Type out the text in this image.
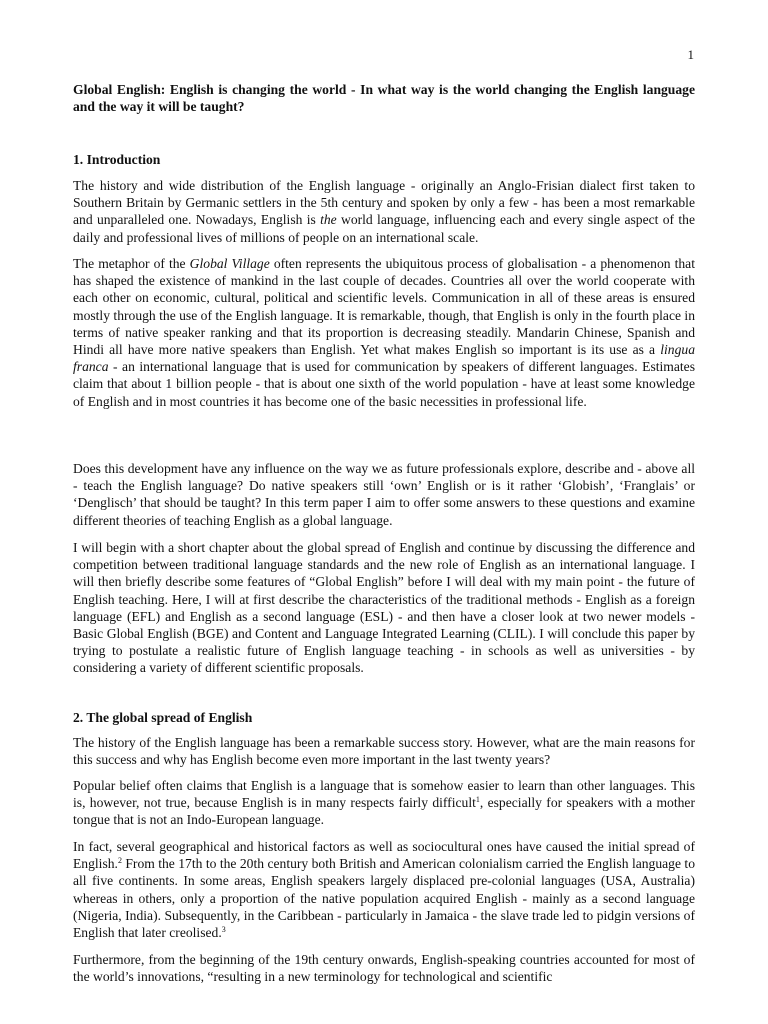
1
Global English: English is changing the world - In what way is the world changing the English language and the way it will be taught?
1. Introduction

The history and wide distribution of the English language - originally an Anglo-Frisian dialect first taken to Southern Britain by Germanic settlers in the 5th century and spoken by only a few - has been a most remarkable and unparalleled one. Nowadays, English is the world language, influencing each and every single aspect of the daily and professional lives of millions of people on an international scale.

The metaphor of the Global Village often represents the ubiquitous process of globalisation - a phenomenon that has shaped the existence of mankind in the last couple of decades. Countries all over the world cooperate with each other on economic, cultural, political and scientific levels. Communication in all of these areas is ensured mostly through the use of the English language. It is remarkable, though, that English is only in the fourth place in terms of native speaker ranking and that its proportion is decreasing steadily. Mandarin Chinese, Spanish and Hindi all have more native speakers than English. Yet what makes English so important is its use as a lingua franca - an international language that is used for communication by speakers of different languages. Estimates claim that about 1 billion people - that is about one sixth of the world population - have at least some knowledge of English and in most countries it has become one of the basic necessities in professional life.

Does this development have any influence on the way we as future professionals explore, describe and - above all - teach the English language? Do native speakers still ‘own’ English or is it rather ‘Globish’, ‘Franglais’ or ‘Denglisch’ that should be taught? In this term paper I aim to offer some answers to these questions and examine different theories of teaching English as a global language.

I will begin with a short chapter about the global spread of English and continue by discussing the difference and competition between traditional language standards and the new role of English as an international language. I will then briefly describe some features of “Global English” before I will deal with my main point - the future of English teaching. Here, I will at first describe the characteristics of the traditional methods - English as a foreign language (EFL) and English as a second language (ESL) - and then have a closer look at two newer models - Basic Global English (BGE) and Content and Language Integrated Learning (CLIL). I will conclude this paper by trying to postulate a realistic future of English language teaching - in schools as well as universities - by considering a variety of different scientific proposals.

2. The global spread of English

The history of the English language has been a remarkable success story. However, what are the main reasons for this success and why has English become even more important in the last twenty years?

Popular belief often claims that English is a language that is somehow easier to learn than other languages. This is, however, not true, because English is in many respects fairly difficult$^1$, especially for speakers with a mother tongue that is not an Indo-European language.

In fact, several geographical and historical factors as well as sociocultural ones have caused the initial spread of English.$^2$ From the 17th to the 20th century both British and American colonialism carried the English language to all five continents. In some areas, English speakers largely displaced pre-colonial languages (USA, Australia) whereas in others, only a proportion of the native population acquired English - mainly as a second language (Nigeria, India). Subsequently, in the Caribbean - particularly in Jamaica - the slave trade led to pidgin versions of English that later creolised.$^3$

Furthermore, from the beginning of the 19th century onwards, English-speaking countries accounted for most of the world’s innovations, “resulting in a new terminology for technological and scientific
